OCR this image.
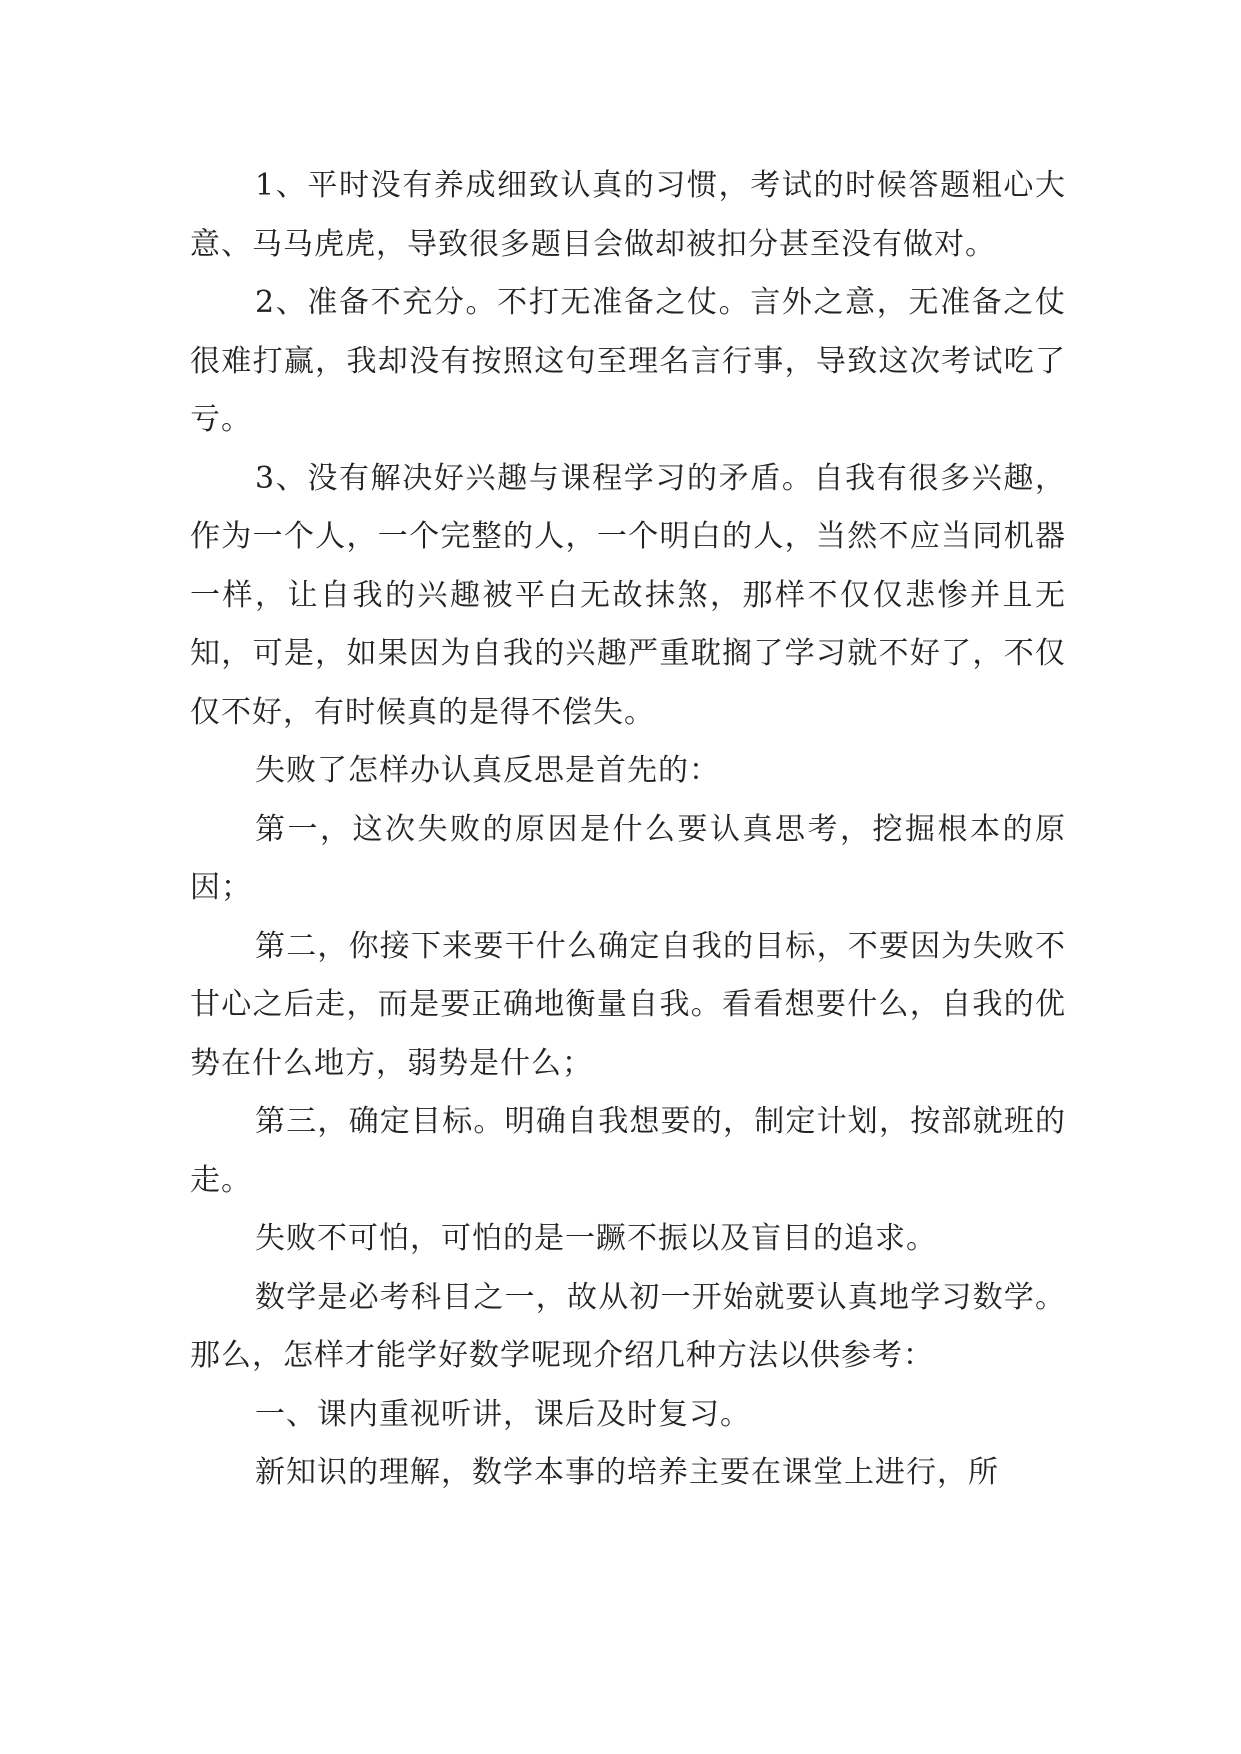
1、平时没有养成细致认真的习惯，考试的时候答题粗心大意、马马虎虎，导致很多题目会做却被扣分甚至没有做对。

2、准备不充分。不打无准备之仗。言外之意，无准备之仗很难打赢，我却没有按照这句至理名言行事，导致这次考试吃了亏。

3、没有解决好兴趣与课程学习的矛盾。自我有很多兴趣，作为一个人，一个完整的人，一个明白的人，当然不应当同机器一样，让自我的兴趣被平白无故抹煞，那样不仅仅悲惨并且无知，可是，如果因为自我的兴趣严重耽搁了学习就不好了，不仅仅不好，有时候真的是得不偿失。

失败了怎样办认真反思是首先的：

第一，这次失败的原因是什么要认真思考，挖掘根本的原因；

第二，你接下来要干什么确定自我的目标，不要因为失败不甘心之后走，而是要正确地衡量自我。看看想要什么，自我的优势在什么地方，弱势是什么；

第三，确定目标。明确自我想要的，制定计划，按部就班的走。

失败不可怕，可怕的是一蹶不振以及盲目的追求。

数学是必考科目之一，故从初一开始就要认真地学习数学。那么，怎样才能学好数学呢现介绍几种方法以供参考：

一、课内重视听讲，课后及时复习。

新知识的理解，数学本事的培养主要在课堂上进行，所
